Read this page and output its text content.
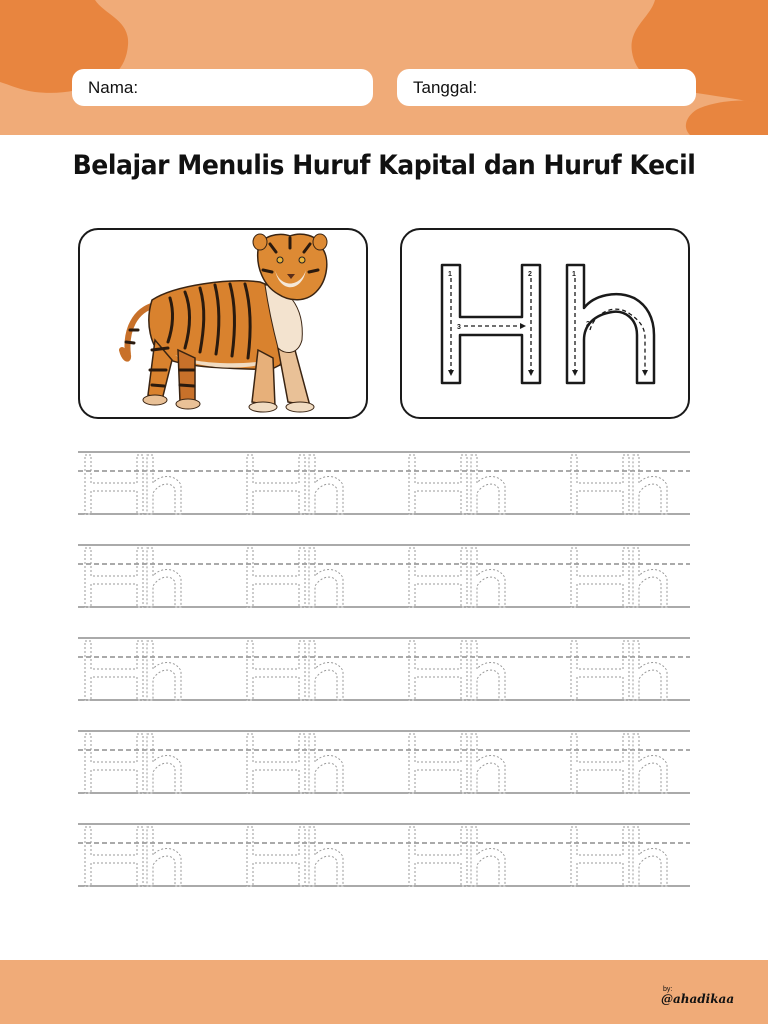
Nama:	Tanggal:
Belajar Menulis Huruf Kapital dan Huruf Kecil
1	2
3
1
2
by:
@ahadikaa
